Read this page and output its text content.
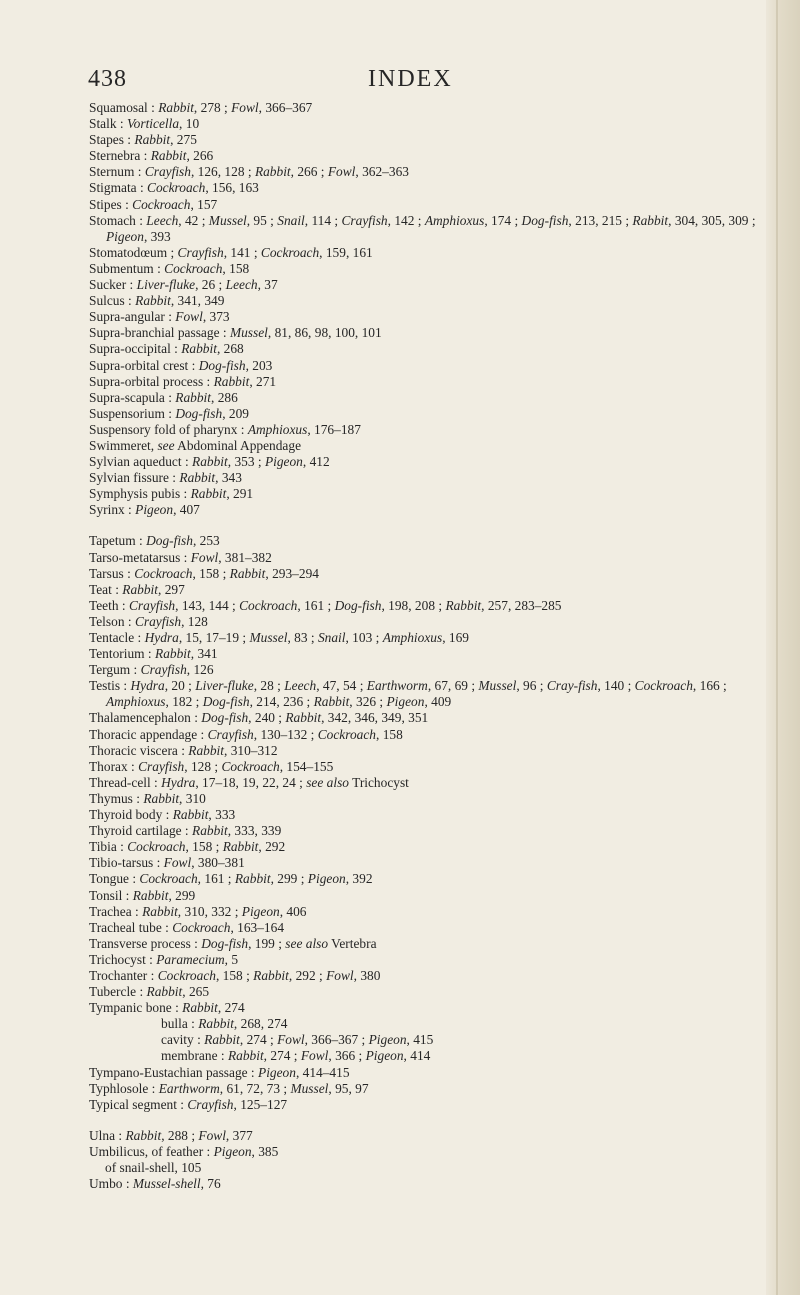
438	INDEX

Squamosal : Rabbit, 278 ; Fowl, 366–367

Stalk : Vorticella, 10

Stapes : Rabbit, 275

Sternebra : Rabbit, 266

Sternum : Crayfish, 126, 128 ; Rabbit, 266 ; Fowl, 362–363

Stigmata : Cockroach, 156, 163

Stipes : Cockroach, 157

Stomach : Leech, 42 ; Mussel, 95 ; Snail, 114 ; Crayfish, 142 ; Amphioxus, 174 ; Dog-fish, 213, 215 ; Rabbit, 304, 305, 309 ; Pigeon, 393

Stomatodœum ; Crayfish, 141 ; Cockroach, 159, 161

Submentum : Cockroach, 158

Sucker : Liver-fluke, 26 ; Leech, 37

Sulcus : Rabbit, 341, 349

Supra-angular : Fowl, 373

Supra-branchial passage : Mussel, 81, 86, 98, 100, 101

Supra-occipital : Rabbit, 268

Supra-orbital crest : Dog-fish, 203

Supra-orbital process : Rabbit, 271

Supra-scapula : Rabbit, 286

Suspensorium : Dog-fish, 209

Suspensory fold of pharynx : Amphioxus, 176–187

Swimmeret, see Abdominal Appendage

Sylvian aqueduct : Rabbit, 353 ; Pigeon, 412

Sylvian fissure : Rabbit, 343

Symphysis pubis : Rabbit, 291

Syrinx : Pigeon, 407

Tapetum : Dog-fish, 253

Tarso-metatarsus : Fowl, 381–382

Tarsus : Cockroach, 158 ; Rabbit, 293–294

Teat : Rabbit, 297

Teeth : Crayfish, 143, 144 ; Cockroach, 161 ; Dog-fish, 198, 208 ; Rabbit, 257, 283–285

Telson : Crayfish, 128

Tentacle : Hydra, 15, 17–19 ; Mussel, 83 ; Snail, 103 ; Amphioxus, 169

Tentorium : Rabbit, 341

Tergum : Crayfish, 126

Testis : Hydra, 20 ; Liver-fluke, 28 ; Leech, 47, 54 ; Earthworm, 67, 69 ; Mussel, 96 ; Cray-fish, 140 ; Cockroach, 166 ; Amphioxus, 182 ; Dog-fish, 214, 236 ; Rabbit, 326 ; Pigeon, 409

Thalamencephalon : Dog-fish, 240 ; Rabbit, 342, 346, 349, 351

Thoracic appendage : Crayfish, 130–132 ; Cockroach, 158

Thoracic viscera : Rabbit, 310–312

Thorax : Crayfish, 128 ; Cockroach, 154–155

Thread-cell : Hydra, 17–18, 19, 22, 24 ; see also Trichocyst

Thymus : Rabbit, 310

Thyroid body : Rabbit, 333

Thyroid cartilage : Rabbit, 333, 339

Tibia : Cockroach, 158 ; Rabbit, 292

Tibio-tarsus : Fowl, 380–381

Tongue : Cockroach, 161 ; Rabbit, 299 ; Pigeon, 392

Tonsil : Rabbit, 299

Trachea : Rabbit, 310, 332 ; Pigeon, 406

Tracheal tube : Cockroach, 163–164

Transverse process : Dog-fish, 199 ; see also Vertebra

Trichocyst : Paramecium, 5

Trochanter : Cockroach, 158 ; Rabbit, 292 ; Fowl, 380

Tubercle : Rabbit, 265

Tympanic bone : Rabbit, 274

bulla : Rabbit, 268, 274

cavity : Rabbit, 274 ; Fowl, 366–367 ; Pigeon, 415

membrane : Rabbit, 274 ; Fowl, 366 ; Pigeon, 414

Tympano-Eustachian passage : Pigeon, 414–415

Typhlosole : Earthworm, 61, 72, 73 ; Mussel, 95, 97

Typical segment : Crayfish, 125–127

Ulna : Rabbit, 288 ; Fowl, 377

Umbilicus, of feather : Pigeon, 385

of snail-shell, 105

Umbo : Mussel-shell, 76
